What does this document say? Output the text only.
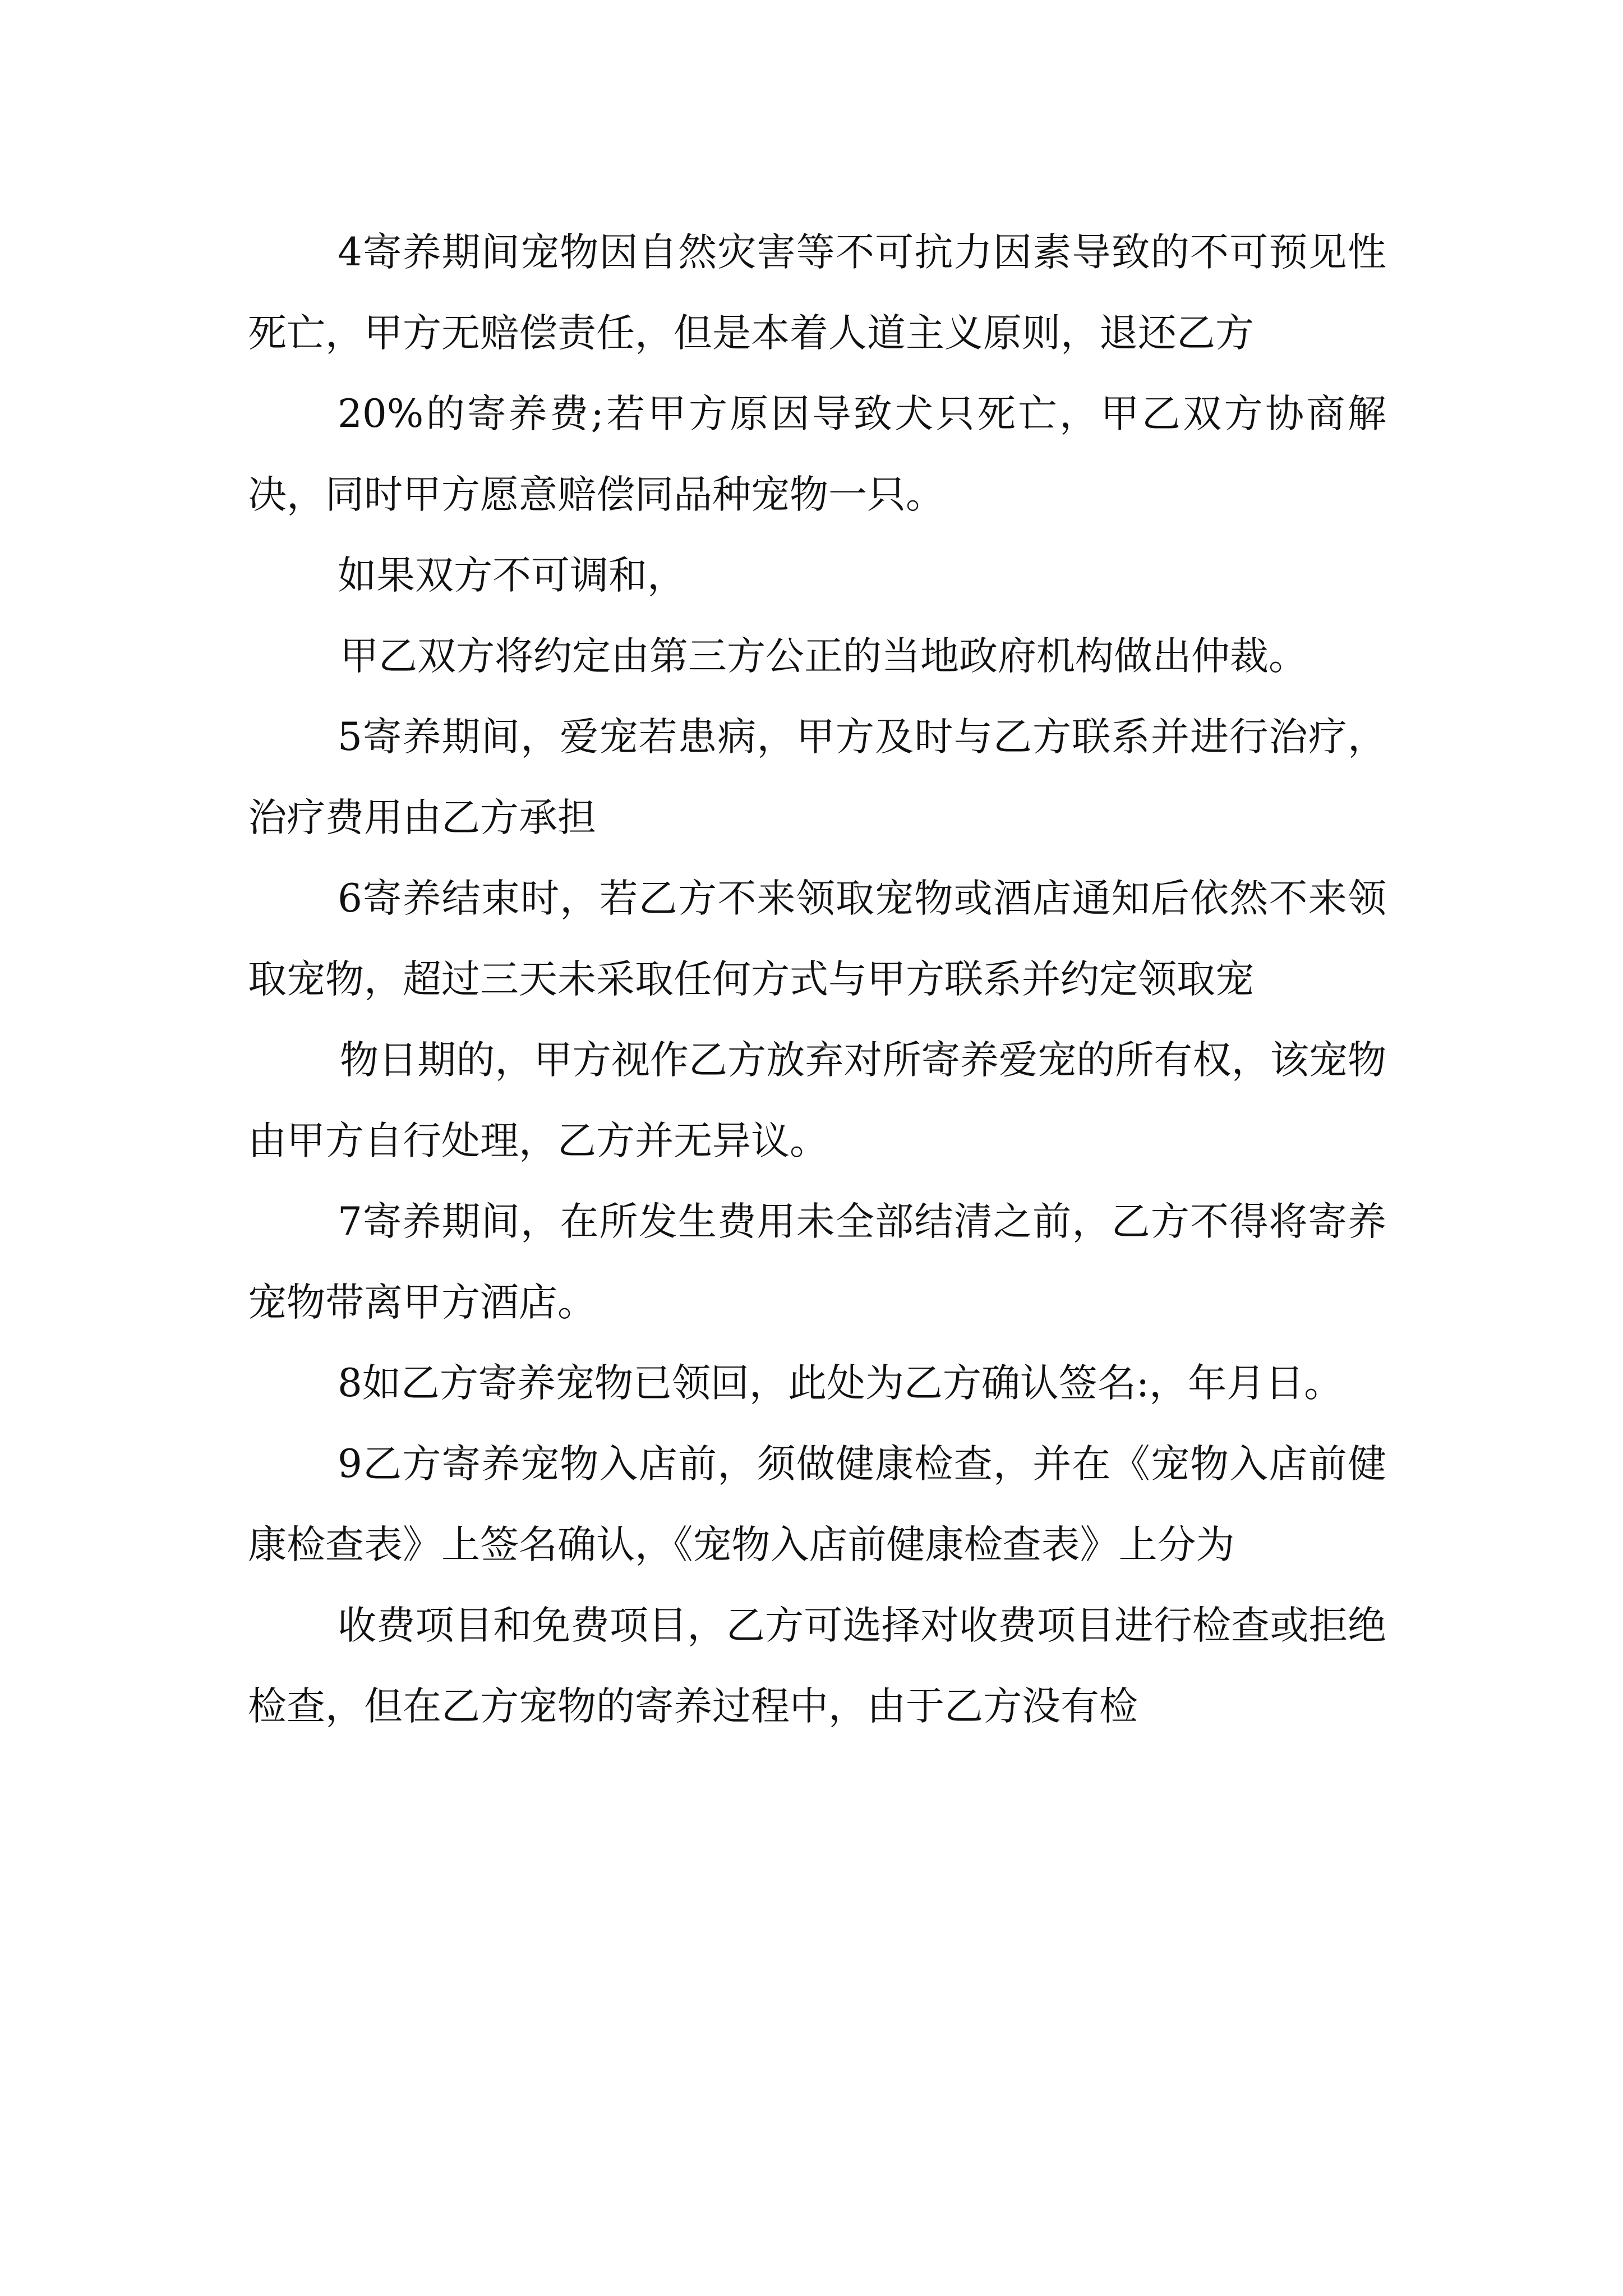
4寄养期间宠物因自然灾害等不可抗力因素导致的不可预见性死亡，甲方无赔偿责任，但是本着人道主义原则，退还乙方

20%的寄养费;若甲方原因导致犬只死亡，甲乙双方协商解决，同时甲方愿意赔偿同品种宠物一只。

如果双方不可调和，

甲乙双方将约定由第三方公正的当地政府机构做出仲裁。

5寄养期间，爱宠若患病，甲方及时与乙方联系并进行治疗，治疗费用由乙方承担

6寄养结束时，若乙方不来领取宠物或酒店通知后依然不来领取宠物，超过三天未采取任何方式与甲方联系并约定领取宠

物日期的，甲方视作乙方放弃对所寄养爱宠的所有权，该宠物由甲方自行处理，乙方并无异议。

7寄养期间，在所发生费用未全部结清之前，乙方不得将寄养宠物带离甲方酒店。

8如乙方寄养宠物已领回，此处为乙方确认签名:，年月日。

9乙方寄养宠物入店前，须做健康检查，并在《宠物入店前健康检查表》上签名确认，《宠物入店前健康检查表》上分为

收费项目和免费项目，乙方可选择对收费项目进行检查或拒绝检查，但在乙方宠物的寄养过程中，由于乙方没有检
